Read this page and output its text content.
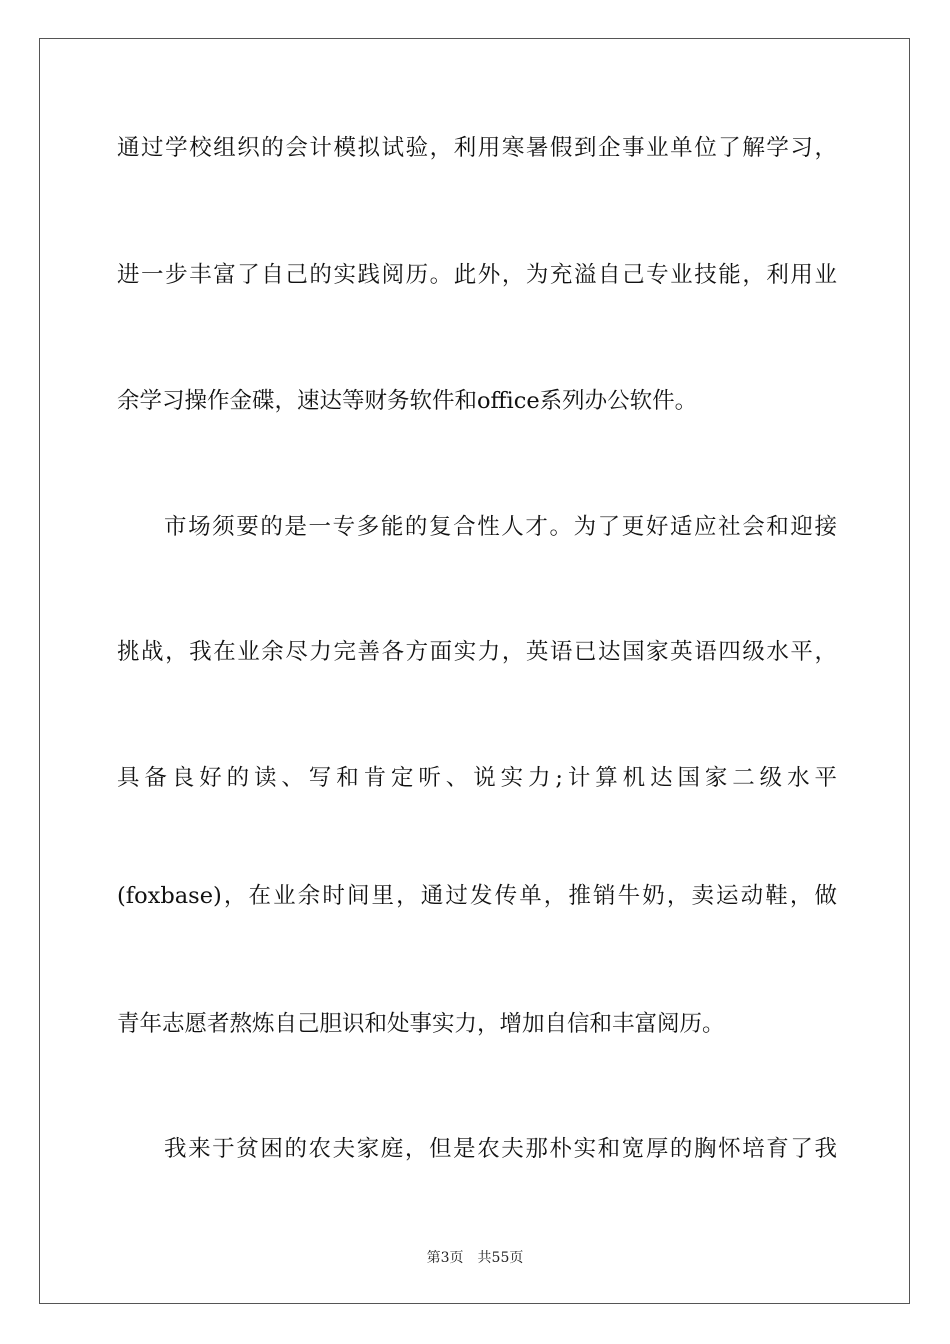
通过学校组织的会计模拟试验，利用寒暑假到企事业单位了解学习，
进一步丰富了自己的实践阅历。此外，为充溢自己专业技能，利用业
余学习操作金碟，速达等财务软件和office系列办公软件。
市场须要的是一专多能的复合性人才。为了更好适应社会和迎接
挑战，我在业余尽力完善各方面实力，英语已达国家英语四级水平，
具备良好的读、写和肯定听、说实力;计算机达国家二级水平
(foxbase)，在业余时间里，通过发传单，推销牛奶，卖运动鞋，做
青年志愿者熬炼自己胆识和处事实力，增加自信和丰富阅历。
我来于贫困的农夫家庭，但是农夫那朴实和宽厚的胸怀培育了我
第3页 共55页
